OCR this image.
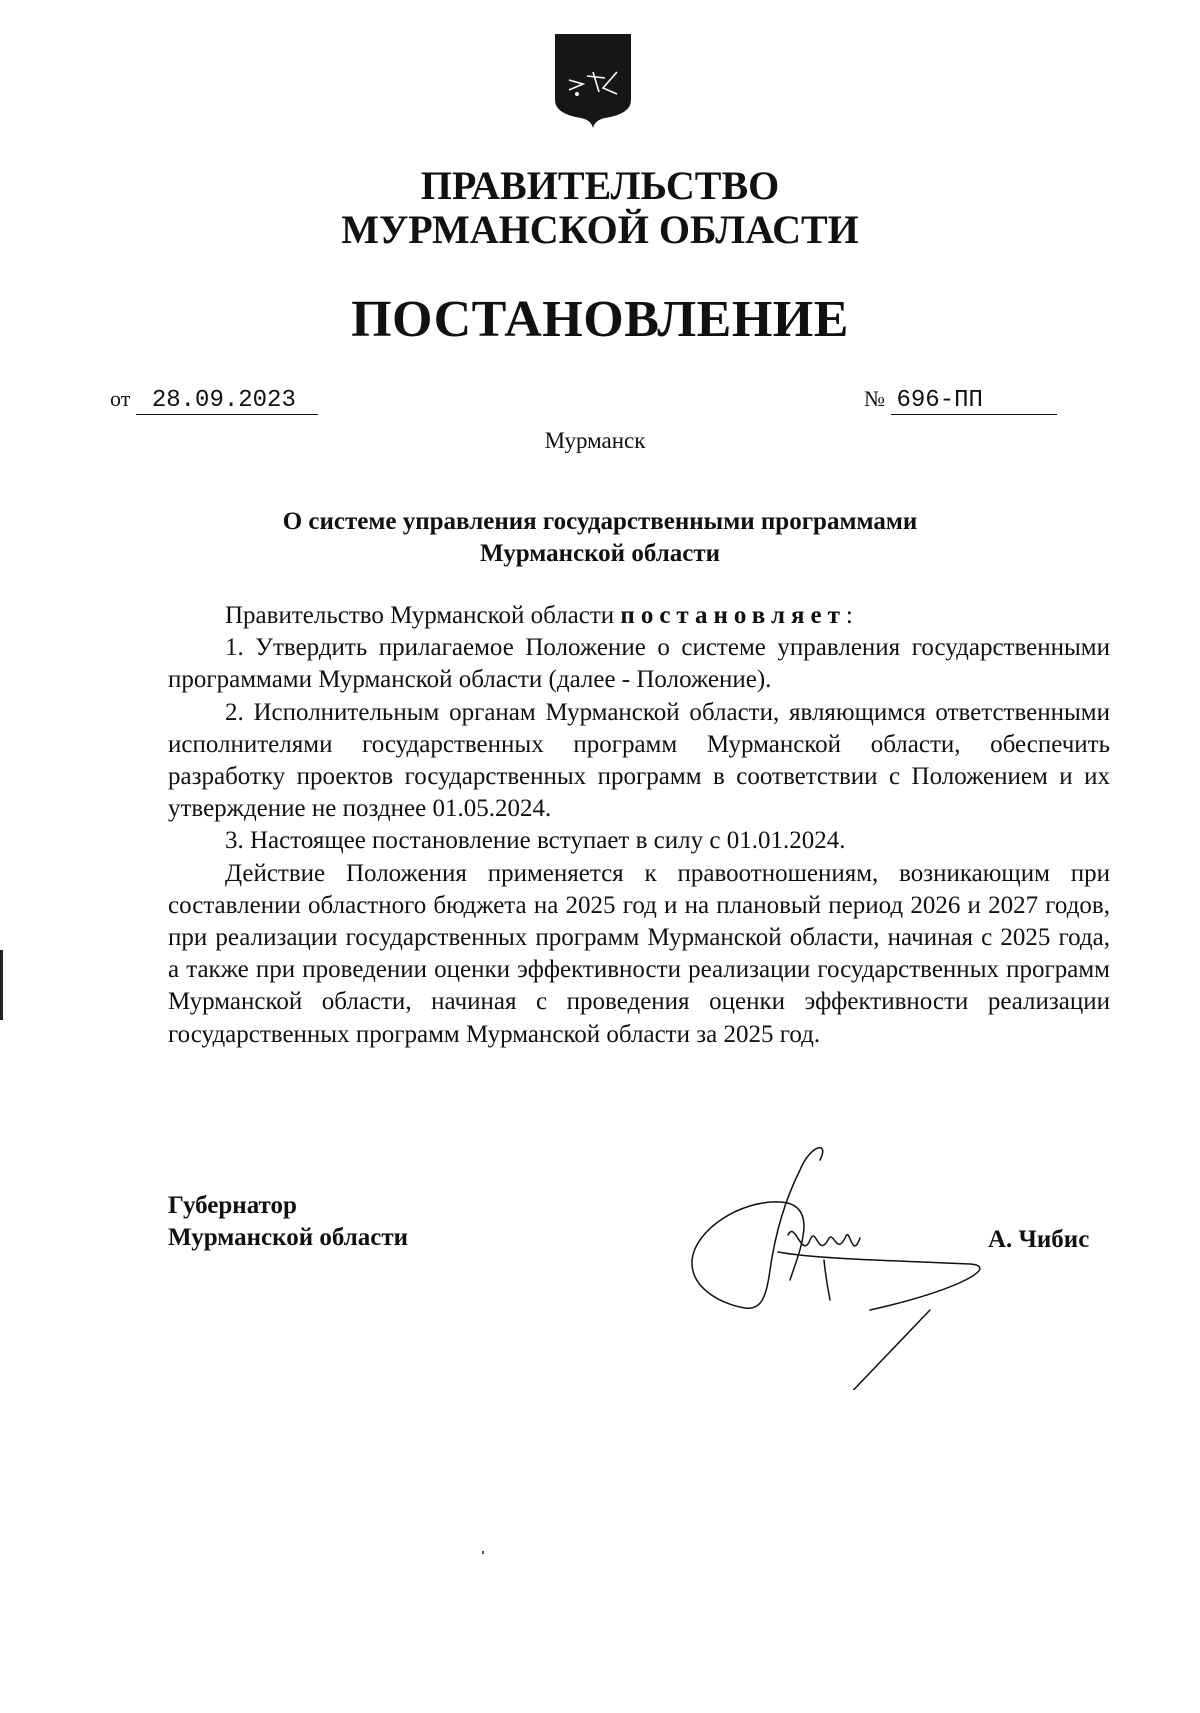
ПРАВИТЕЛЬСТВО
МУРМАНСКОЙ ОБЛАСТИ
ПОСТАНОВЛЕНИЕ
от 28.09.2023	№ 696-ПП
Мурманск
О системе управления государственными программами
Мурманской области

Правительство Мурманской области постановляет:

1. Утвердить прилагаемое Положение о системе управления государственными программами Мурманской области (далее - Положение).

2. Исполнительным органам Мурманской области, являющимся ответственными исполнителями государственных программ Мурманской области, обеспечить разработку проектов государственных программ в соответствии с Положением и их утверждение не позднее 01.05.2024.

3. Настоящее постановление вступает в силу с 01.01.2024.

Действие Положения применяется к правоотношениям, возникающим при составлении областного бюджета на 2025 год и на плановый период 2026 и 2027 годов, при реализации государственных программ Мурманской области, начиная с 2025 года, а также при проведении оценки эффективности реализации государственных программ Мурманской области, начиная с проведения оценки эффективности реализации государственных программ Мурманской области за 2025 год.

Губернатор
Мурманской области	А. Чибис
